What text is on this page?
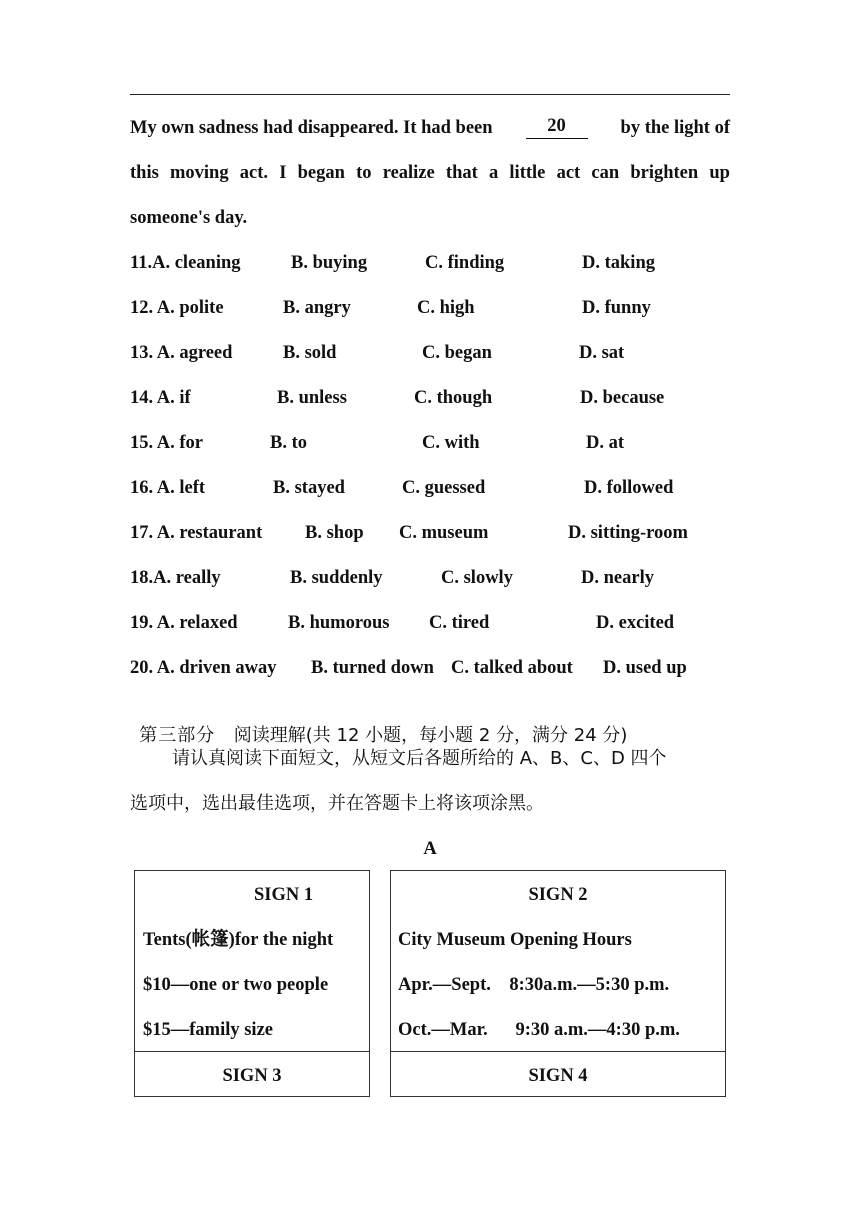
My own sadness had disappeared. It had been	20	by the light of
this moving act. I began to realize that a little act can brighten up
someone's day.
11.A. cleaning	B. buying	C. finding	D. taking
12. A. polite	B. angry	C. high	D. funny
13. A. agreed	B. sold	C. began	D. sat
14. A. if	B. unless	C. though	D. because
15. A. for	B. to	C. with	D. at
16. A. left	B. stayed	C. guessed	D. followed
17. A. restaurant B. shop C. museum	D. sitting-room
18.A. really	B. suddenly	C. slowly	D. nearly
19. A. relaxed	B. humorous C. tired	D. excited
20. A. driven away B. turned down C. talked about D. used up

第三部分 阅读理解(共 12 小题，每小题 2 分，满分 24 分)

请认真阅读下面短文，从短文后各题所给的 A、B、C、D 四个
选项中，选出最佳选项，并在答题卡上将该项涂黑。
A
SIGN 1
Tents(帐篷)for the night
$10—one or two people
$15—family size
SIGN 3
SIGN 2
City Museum Opening Hours
Apr.—Sept.    8:30a.m.—5:30 p.m.
Oct.—Mar.      9:30 a.m.—4:30 p.m.
SIGN 4
